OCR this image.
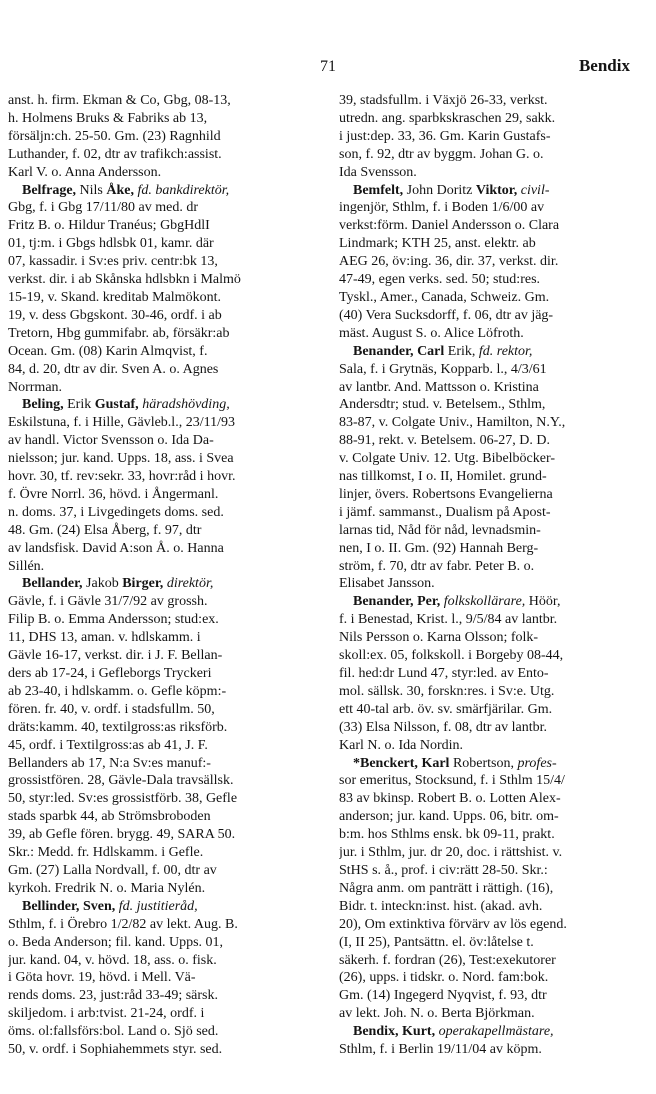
71	Bendix
anst. h. firm. Ekman & Co, Gbg, 08-13,
h. Holmens Bruks & Fabriks ab 13,
försäljn:ch. 25-50. Gm. (23) Ragnhild
Luthander, f. 02, dtr av trafikch:assist.
Karl V. o. Anna Andersson.
Belfrage, Nils Åke, fd. bankdirektör,
Gbg, f. i Gbg 17/11/80 av med. dr
Fritz B. o. Hildur Tranéus; GbgHdlI
01, tj:m. i Gbgs hdlsbk 01, kamr. där
07, kassadir. i Sv:es priv. centr:bk 13,
verkst. dir. i ab Skånska hdlsbkn i Malmö
15-19, v. Skand. kreditab Malmökont.
19, v. dess Gbgskont. 30-46, ordf. i ab
Tretorn, Hbg gummifabr. ab, försäkr:ab
Ocean. Gm. (08) Karin Almqvist, f.
84, d. 20, dtr av dir. Sven A. o. Agnes
Norrman.
Beling, Erik Gustaf, häradshövding,
Eskilstuna, f. i Hille, Gävleb.l., 23/11/93
av handl. Victor Svensson o. Ida Da-
nielsson; jur. kand. Upps. 18, ass. i Svea
hovr. 30, tf. rev:sekr. 33, hovr:råd i hovr.
f. Övre Norrl. 36, hövd. i Ångermanl.
n. doms. 37, i Livgedingets doms. sed.
48. Gm. (24) Elsa Åberg, f. 97, dtr
av landsfisk. David A:son Å. o. Hanna
Sillén.
Bellander, Jakob Birger, direktör,
Gävle, f. i Gävle 31/7/92 av grossh.
Filip B. o. Emma Andersson; stud:ex.
11, DHS 13, aman. v. hdlskamm. i
Gävle 16-17, verkst. dir. i J. F. Bellan-
ders ab 17-24, i Gefleborgs Tryckeri
ab 23-40, i hdlskamm. o. Gefle köpm:-
fören. fr. 40, v. ordf. i stadsfullm. 50,
dräts:kamm. 40, textilgross:as riksförb.
45, ordf. i Textilgross:as ab 41, J. F.
Bellanders ab 17, N:a Sv:es manuf:-
grossistfören. 28, Gävle-Dala travsällsk.
50, styr:led. Sv:es grossistförb. 38, Gefle
stads sparbk 44, ab Strömsbroboden
39, ab Gefle fören. brygg. 49, SARA 50.
Skr.: Medd. fr. Hdlskamm. i Gefle.
Gm. (27) Lalla Nordvall, f. 00, dtr av
kyrkoh. Fredrik N. o. Maria Nylén.
Bellinder, Sven, fd. justitieråd,
Sthlm, f. i Örebro 1/2/82 av lekt. Aug. B.
o. Beda Anderson; fil. kand. Upps. 01,
jur. kand. 04, v. hövd. 18, ass. o. fisk.
i Göta hovr. 19, hövd. i Mell. Vä-
rends doms. 23, just:råd 33-49; särsk.
skiljedom. i arb:tvist. 21-24, ordf. i
öms. ol:fallsförs:bol. Land o. Sjö sed.
50, v. ordf. i Sophiahemmets styr. sed.
39, stadsfullm. i Växjö 26-33, verkst.
utredn. ang. sparbkskraschen 29, sakk.
i just:dep. 33, 36. Gm. Karin Gustafs-
son, f. 92, dtr av byggm. Johan G. o.
Ida Svensson.
Bemfelt, John Doritz Viktor, civil-
ingenjör, Sthlm, f. i Boden 1/6/00 av
verkst:förm. Daniel Andersson o. Clara
Lindmark; KTH 25, anst. elektr. ab
AEG 26, öv:ing. 36, dir. 37, verkst. dir.
47-49, egen verks. sed. 50; stud:res.
Tyskl., Amer., Canada, Schweiz. Gm.
(40) Vera Sucksdorff, f. 06, dtr av jäg-
mäst. August S. o. Alice Löfroth.
Benander, Carl Erik, fd. rektor,
Sala, f. i Grytnäs, Kopparb. l., 4/3/61
av lantbr. And. Mattsson o. Kristina
Andersdtr; stud. v. Betelsem., Sthlm,
83-87, v. Colgate Univ., Hamilton, N.Y.,
88-91, rekt. v. Betelsem. 06-27, D. D.
v. Colgate Univ. 12. Utg. Bibelböcker-
nas tillkomst, I o. II, Homilet. grund-
linjer, övers. Robertsons Evangelierna
i jämf. sammanst., Dualism på Apost-
larnas tid, Nåd för nåd, levnadsmin-
nen, I o. II. Gm. (92) Hannah Berg-
ström, f. 70, dtr av fabr. Peter B. o.
Elisabet Jansson.
Benander, Per, folkskollärare, Höör,
f. i Benestad, Krist. l., 9/5/84 av lantbr.
Nils Persson o. Karna Olsson; folk-
skoll:ex. 05, folkskoll. i Borgeby 08-44,
fil. hed:dr Lund 47, styr:led. av Ento-
mol. sällsk. 30, forskn:res. i Sv:e. Utg.
ett 40-tal arb. öv. sv. smärfjärilar. Gm.
(33) Elsa Nilsson, f. 08, dtr av lantbr.
Karl N. o. Ida Nordin.
*Benckert, Karl Robertson, profes-
sor emeritus, Stocksund, f. i Sthlm 15/4/
83 av bkinsp. Robert B. o. Lotten Alex-
anderson; jur. kand. Upps. 06, bitr. om-
b:m. hos Sthlms ensk. bk 09-11, prakt.
jur. i Sthlm, jur. dr 20, doc. i rättshist. v.
StHS s. å., prof. i civ:rätt 28-50. Skr.:
Några anm. om panträtt i rättigh. (16),
Bidr. t. inteckn:inst. hist. (akad. avh.
20), Om extinktiva förvärv av lös egend.
(I, II 25), Pantsättn. el. öv:låtelse t.
säkerh. f. fordran (26), Test:exekutorer
(26), upps. i tidskr. o. Nord. fam:bok.
Gm. (14) Ingegerd Nyqvist, f. 93, dtr
av lekt. Joh. N. o. Berta Björkman.
Bendix, Kurt, operakapellmästare,
Sthlm, f. i Berlin 19/11/04 av köpm.
